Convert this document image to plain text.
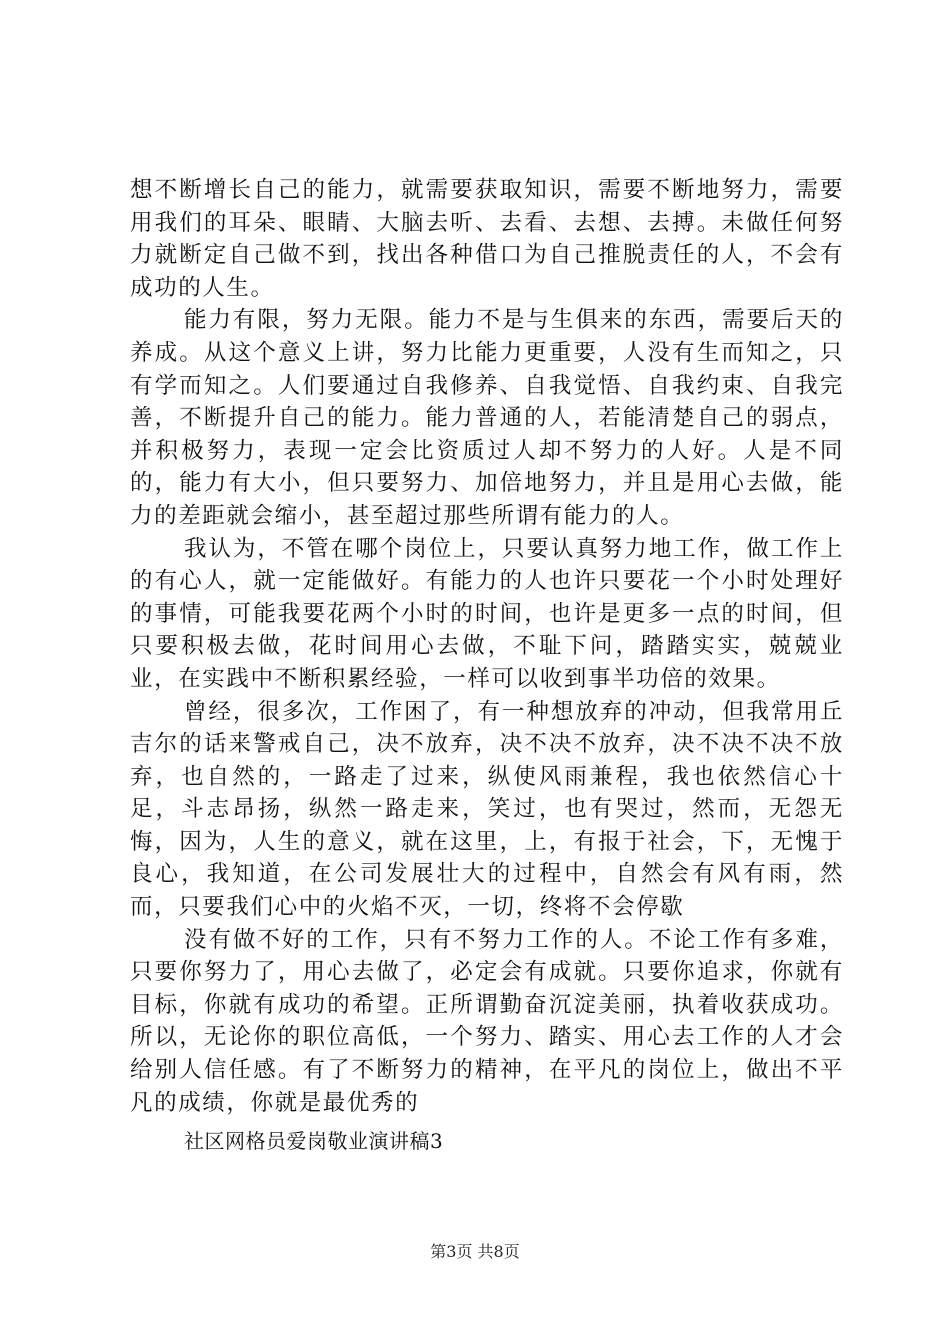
想不断增长自己的能力，就需要获取知识，需要不断地努力，需要用我们的耳朵、眼睛、大脑去听、去看、去想、去搏。未做任何努力就断定自己做不到，找出各种借口为自己推脱责任的人，不会有成功的人生。

能力有限，努力无限。能力不是与生俱来的东西，需要后天的养成。从这个意义上讲，努力比能力更重要，人没有生而知之，只有学而知之。人们要通过自我修养、自我觉悟、自我约束、自我完善，不断提升自己的能力。能力普通的人，若能清楚自己的弱点，并积极努力，表现一定会比资质过人却不努力的人好。人是不同的，能力有大小，但只要努力、加倍地努力，并且是用心去做，能力的差距就会缩小，甚至超过那些所谓有能力的人。

我认为，不管在哪个岗位上，只要认真努力地工作，做工作上的有心人，就一定能做好。有能力的人也许只要花一个小时处理好的事情，可能我要花两个小时的时间，也许是更多一点的时间，但只要积极去做，花时间用心去做，不耻下问，踏踏实实，兢兢业业，在实践中不断积累经验，一样可以收到事半功倍的效果。

曾经，很多次，工作困了，有一种想放弃的冲动，但我常用丘吉尔的话来警戒自己，决不放弃，决不决不放弃，决不决不决不放弃，也自然的，一路走了过来，纵使风雨兼程，我也依然信心十足，斗志昂扬，纵然一路走来，笑过，也有哭过，然而，无怨无悔，因为，人生的意义，就在这里，上，有报于社会，下，无愧于良心，我知道，在公司发展壮大的过程中，自然会有风有雨，然而，只要我们心中的火焰不灭，一切，终将不会停歇

没有做不好的工作，只有不努力工作的人。不论工作有多难，只要你努力了，用心去做了，必定会有成就。只要你追求，你就有目标，你就有成功的希望。正所谓勤奋沉淀美丽，执着收获成功。所以，无论你的职位高低，一个努力、踏实、用心去工作的人才会给别人信任感。有了不断努力的精神，在平凡的岗位上，做出不平凡的成绩，你就是最优秀的

社区网格员爱岗敬业演讲稿3

第3页 共8页
